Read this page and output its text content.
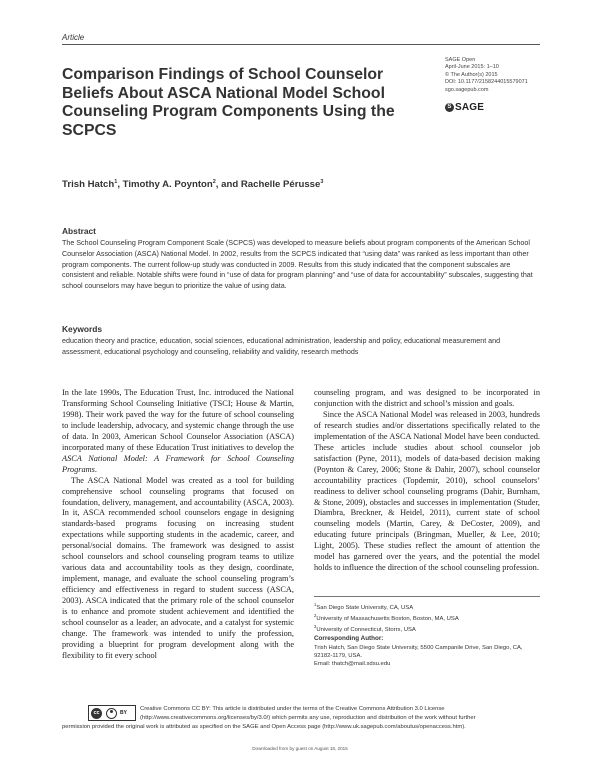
Article
Comparison Findings of School Counselor Beliefs About ASCA National Model School Counseling Program Components Using the SCPCS
SAGE Open
April-June 2015: 1–10
© The Author(s) 2015
DOI: 10.1177/2158244015579071
sgo.sagepub.com
S SAGE
Trish Hatch$^1$, Timothy A. Poynton$^2$, and Rachelle Pérusse$^3$
Abstract
The School Counseling Program Component Scale (SCPCS) was developed to measure beliefs about program components of the American School Counselor Association (ASCA) National Model. In 2002, results from the SCPCS indicated that “using data” was ranked as less important than other program components. The current follow-up study was conducted in 2009. Results from this study indicated that the component subscales are consistent and reliable. Notable shifts were found in “use of data for program planning” and “use of data for accountability” subscales, suggesting that school counselors may have begun to prioritize the value of using data.
Keywords
education theory and practice, education, social sciences, educational administration, leadership and policy, educational measurement and assessment, educational psychology and counseling, reliability and validity, research methods

In the late 1990s, The Education Trust, Inc. introduced the National Transforming School Counseling Initiative (TSCI; House & Martin, 1998). Their work paved the way for the future of school counseling to include leadership, advocacy, and systemic change through the use of data. In 2003, American School Counselor Association (ASCA) incorporated many of these Education Trust initiatives to develop the ASCA National Model: A Framework for School Counseling Programs.

The ASCA National Model was created as a tool for building comprehensive school counseling programs that focused on foundation, delivery, management, and accountability (ASCA, 2003). In it, ASCA recommended school counselors engage in designing standards-based programs focusing on increasing student expectations while supporting students in the academic, career, and personal/social domains. The framework was designed to assist school counselors and school counseling program teams to utilize various data and accountability tools as they design, coordinate, implement, manage, and evaluate the school counseling program’s efficiency and effectiveness in regard to student success (ASCA, 2003). ASCA indicated that the primary role of the school counselor is to enhance and promote student achievement and identified the school counselor as a leader, an advocate, and a catalyst for systemic change. The framework was intended to unify the profession, providing a blueprint for program development along with the flexibility to fit every school

counseling program, and was designed to be incorporated in conjunction with the district and school’s mission and goals.

Since the ASCA National Model was released in 2003, hundreds of research studies and/or dissertations specifically related to the implementation of the ASCA National Model have been conducted. These articles include studies about school counselor job satisfaction (Pyne, 2011), models of data-based decision making (Poynton & Carey, 2006; Stone & Dahir, 2007), school counselor accountability practices (Topdemir, 2010), school counselors’ readiness to deliver school counseling programs (Dahir, Burnham, & Stone, 2009), obstacles and successes in implementation (Studer, Diambra, Breckner, & Heidel, 2011), current state of school counseling models (Martin, Carey, & DeCoster, 2009), and educating future principals (Bringman, Mueller, & Lee, 2010; Light, 2005). These studies reflect the amount of attention the model has garnered over the years, and the potential the model holds to influence the direction of the school counseling profession.

$^1$San Diego State University, CA, USA
$^2$University of Massachusetts Boston, Boston, MA, USA
$^3$University of Connecticut, Storrs, USA
Corresponding Author:
Trish Hatch, San Diego State University, 5500 Campanile Drive, San Diego, CA, 92182-1179, USA.
Email: thatch@mail.sdsu.edu
Creative Commons CC BY: This article is distributed under the terms of the Creative Commons Attribution 3.0 License
(http://www.creativecommons.org/licenses/by/3.0/) which permits any use, reproduction and distribution of the work without further
permission provided the original work is attributed as specified on the SAGE and Open Access page (http://www.uk.sagepub.com/aboutus/openaccess.htm).
cc	BY
Downloaded from by guest on August 18, 2015
